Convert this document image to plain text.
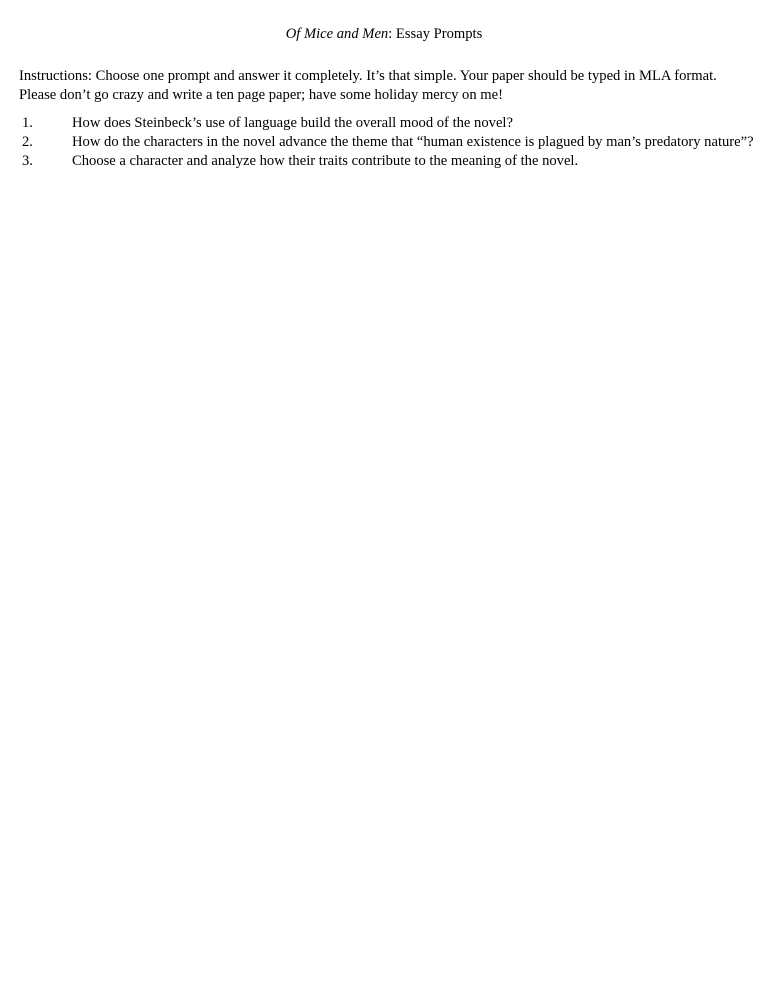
Of Mice and Men: Essay Prompts

Instructions: Choose one prompt and answer it completely. It’s that simple. Your paper should be typed in MLA format. Please don’t go crazy and write a ten page paper; have some holiday mercy on me!

1.	How does Steinbeck’s use of language build the overall mood of the novel?
2.	How do the characters in the novel advance the theme that “human existence is plagued by man’s predatory nature”?
3.	Choose a character and analyze how their traits contribute to the meaning of the novel.
